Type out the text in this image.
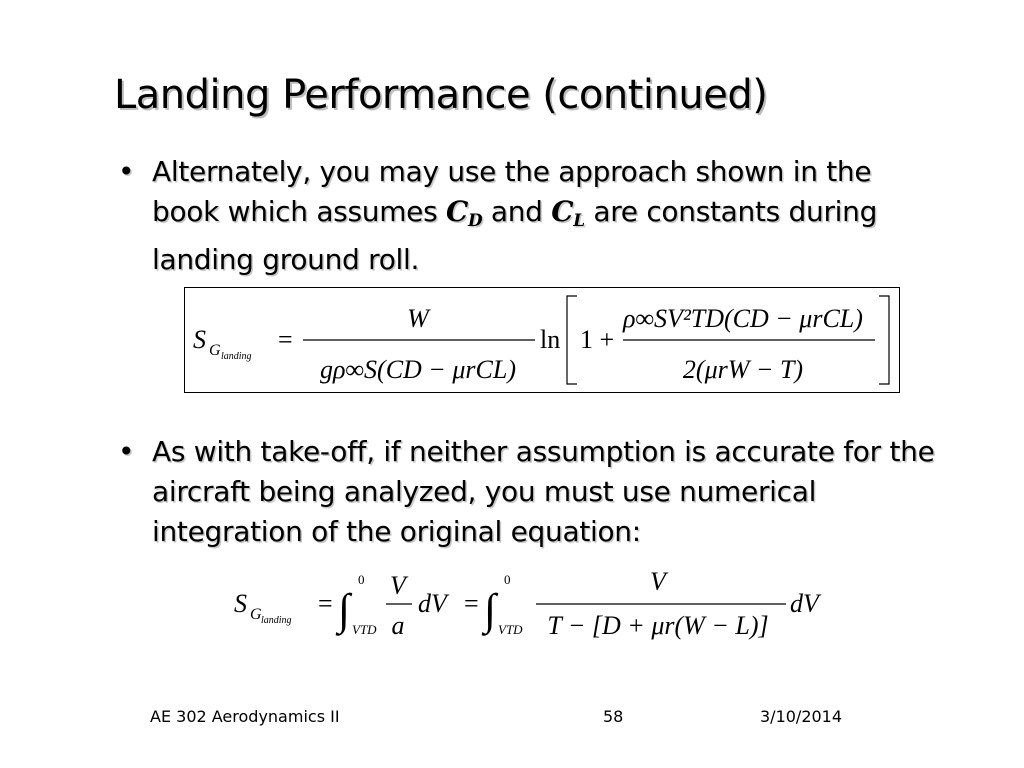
Landing Performance (continued)
• Alternately, you may use the approach shown in the book which assumes $C_D$ and $C_L$ are constants during landing ground roll.
S G landing
=
W
gρ∞S(CD − μrCL)
ln 1 +
ρ∞SV²TD(CD − μrCL)
2(μrW − T)
• As with take-off, if neither assumption is accurate for the aircraft being analyzed, you must use numerical integration of the original equation:
S G landing
= ∫
0
VTD
V
a
dV = ∫
0
VTD
V
T − [D + μr(W − L)]
dV
AE 302 Aerodynamics II	58	3/10/2014
